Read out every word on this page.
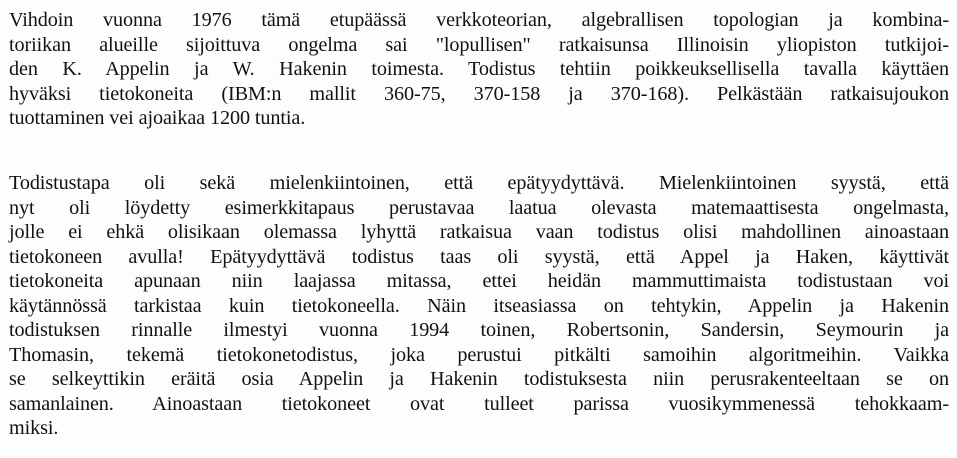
Vihdoin vuonna 1976 tämä etupäässä verkkoteorian, algebrallisen topologian ja kombina-
toriikan alueille sijoittuva ongelma sai "lopullisen" ratkaisunsa Illinoisin yliopiston tutkijoi-
den K. Appelin ja W. Hakenin toimesta. Todistus tehtiin poikkeuksellisella tavalla käyttäen
hyväksi tietokoneita (IBM:n mallit 360-75, 370-158 ja 370-168). Pelkästään ratkaisujoukon
tuottaminen vei ajoaikaa 1200 tuntia.
Todistustapa oli sekä mielenkiintoinen, että epätyydyttävä. Mielenkiintoinen syystä, että
nyt oli löydetty esimerkkitapaus perustavaa laatua olevasta matemaattisesta ongelmasta,
jolle ei ehkä olisikaan olemassa lyhyttä ratkaisua vaan todistus olisi mahdollinen ainoastaan
tietokoneen avulla! Epätyydyttävä todistus taas oli syystä, että Appel ja Haken, käyttivät
tietokoneita apunaan niin laajassa mitassa, ettei heidän mammuttimaista todistustaan voi
käytännössä tarkistaa kuin tietokoneella. Näin itseasiassa on tehtykin, Appelin ja Hakenin
todistuksen rinnalle ilmestyi vuonna 1994 toinen, Robertsonin, Sandersin, Seymourin ja
Thomasin, tekemä tietokonetodistus, joka perustui pitkälti samoihin algoritmeihin. Vaikka
se selkeyttikin eräitä osia Appelin ja Hakenin todistuksesta niin perusrakenteeltaan se on
samanlainen. Ainoastaan tietokoneet ovat tulleet parissa vuosikymmenessä tehokkaam-
miksi.
